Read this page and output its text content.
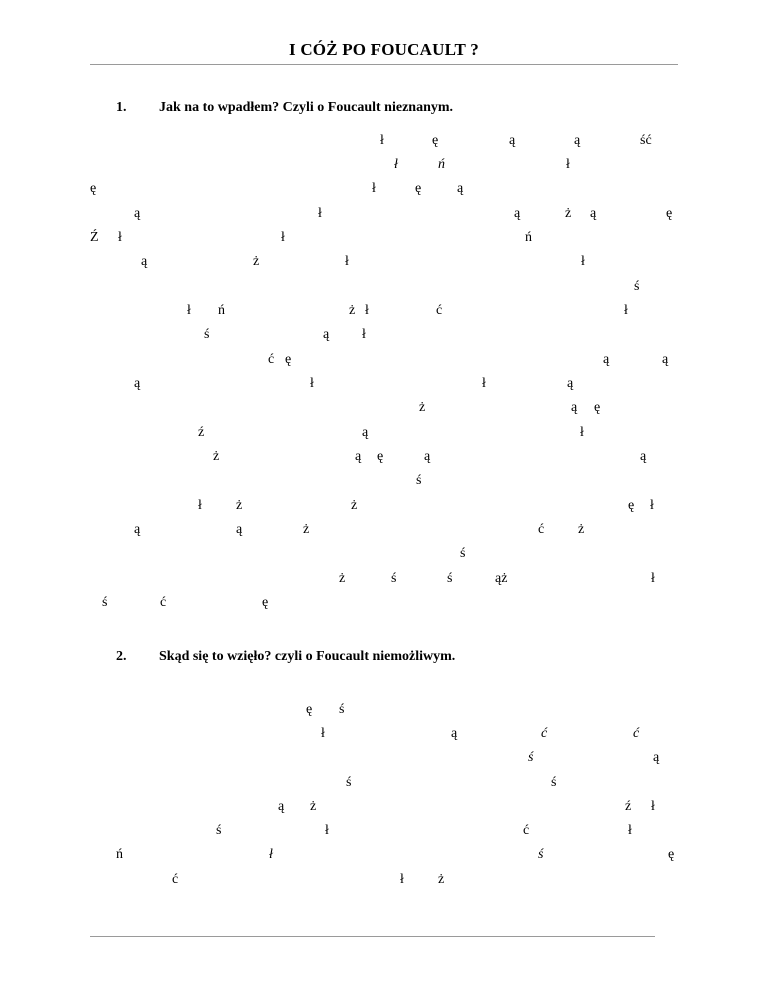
I CÓŻ PO FOUCAULT ?
1. Jak na to wpadłem? Czyli o Foucault nieznanym.
2. Skąd się to wzięło? czyli o Foucault niemożliwym.
ł	ę	ą	ą	ść
ł	ń	ł
ę	ł	ę	ą
ą	ł	ą	ż ą	ę
Ź ł	ł	ń
ą	ż	ł	ł
ś
ł ń	ż ł	ć	ł
ś	ą ł
ć ę	ą	ą
ą	ł	ł	ą
ż	ą ę
ź	ą	ł
ż	ą ę	ą	ą
ś
ł ż	ż	ę ł
ą	ą	ż	ć ż
ś
ż	ś	ś	ąż	ł
ś	ć	ę
ę ś
ł	ą	ć	ć
ś	ą
ś	ś
ą ż	ź ł
ś	ł	ć	ł
ń	ł	ś	ę
ć	ł ż
